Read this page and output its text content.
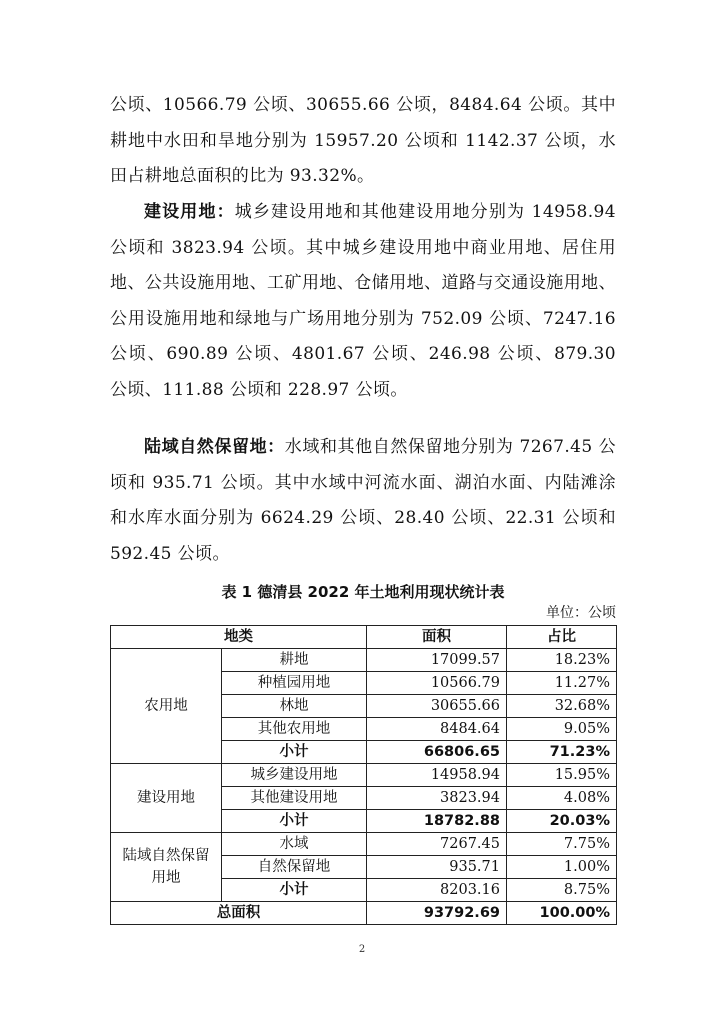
公顷、10566.79 公顷、30655.66 公顷，8484.64 公顷。其中耕地中水田和旱地分别为 15957.20 公顷和 1142.37 公顷，水田占耕地总面积的比为 93.32%。
建设用地：城乡建设用地和其他建设用地分别为 14958.94 公顷和 3823.94 公顷。其中城乡建设用地中商业用地、居住用地、公共设施用地、工矿用地、仓储用地、道路与交通设施用地、公用设施用地和绿地与广场用地分别为 752.09 公顷、7247.16 公顷、690.89 公顷、4801.67 公顷、246.98 公顷、879.30 公顷、111.88 公顷和 228.97 公顷。
陆域自然保留地：水域和其他自然保留地分别为 7267.45 公顷和 935.71 公顷。其中水域中河流水面、湖泊水面、内陆滩涂和水库水面分别为 6624.29 公顷、28.40 公顷、22.31 公顷和 592.45 公顷。
表 1 德清县 2022 年土地利用现状统计表
单位：公顷
地类		面积	占比
农用地	耕地	17099.57	18.23%
	种植园用地	10566.79	11.27%
	林地	30655.66	32.68%
	其他农用地	8484.64	9.05%
	小计	66806.65	71.23%
建设用地	城乡建设用地	14958.94	15.95%
	其他建设用地	3823.94	4.08%
	小计	18782.88	20.03%
陆域自然保留用地	水域	7267.45	7.75%
	自然保留地	935.71	1.00%
	小计	8203.16	8.75%
总面积		93792.69	100.00%
2
